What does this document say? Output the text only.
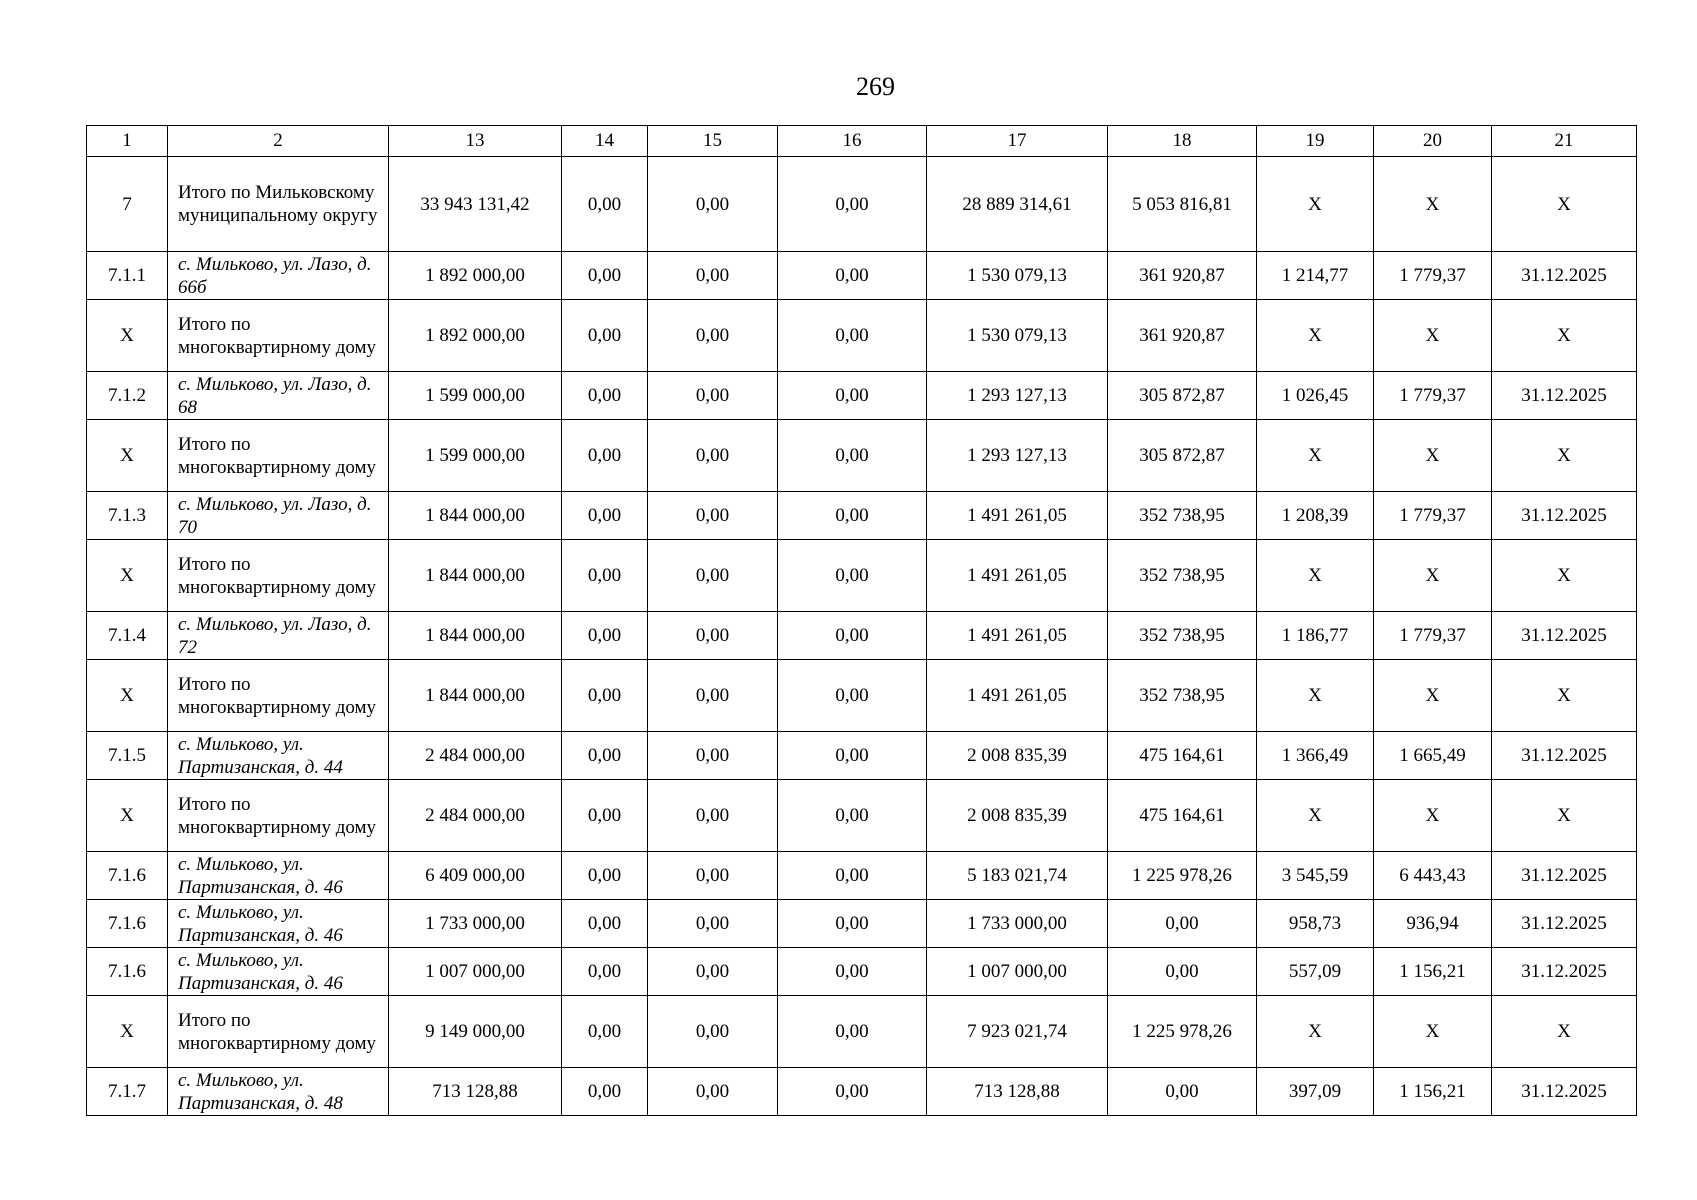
269
1	2	13	14	15	16	17	18	19	20	21
7	Итого по Мильковскому муниципальному округу	33 943 131,42	0,00	0,00	0,00	28 889 314,61	5 053 816,81	Х	Х	Х
7.1.1	с. Мильково, ул. Лазо, д. 66б	1 892 000,00	0,00	0,00	0,00	1 530 079,13	361 920,87	1 214,77	1 779,37	31.12.2025
Х	Итого по многоквартирному дому	1 892 000,00	0,00	0,00	0,00	1 530 079,13	361 920,87	Х	Х	Х
7.1.2	с. Мильково, ул. Лазо, д. 68	1 599 000,00	0,00	0,00	0,00	1 293 127,13	305 872,87	1 026,45	1 779,37	31.12.2025
Х	Итого по многоквартирному дому	1 599 000,00	0,00	0,00	0,00	1 293 127,13	305 872,87	Х	Х	Х
7.1.3	с. Мильково, ул. Лазо, д. 70	1 844 000,00	0,00	0,00	0,00	1 491 261,05	352 738,95	1 208,39	1 779,37	31.12.2025
Х	Итого по многоквартирному дому	1 844 000,00	0,00	0,00	0,00	1 491 261,05	352 738,95	Х	Х	Х
7.1.4	с. Мильково, ул. Лазо, д. 72	1 844 000,00	0,00	0,00	0,00	1 491 261,05	352 738,95	1 186,77	1 779,37	31.12.2025
Х	Итого по многоквартирному дому	1 844 000,00	0,00	0,00	0,00	1 491 261,05	352 738,95	Х	Х	Х
7.1.5	с. Мильково, ул. Партизанская, д. 44	2 484 000,00	0,00	0,00	0,00	2 008 835,39	475 164,61	1 366,49	1 665,49	31.12.2025
Х	Итого по многоквартирному дому	2 484 000,00	0,00	0,00	0,00	2 008 835,39	475 164,61	Х	Х	Х
7.1.6	с. Мильково, ул. Партизанская, д. 46	6 409 000,00	0,00	0,00	0,00	5 183 021,74	1 225 978,26	3 545,59	6 443,43	31.12.2025
7.1.6	с. Мильково, ул. Партизанская, д. 46	1 733 000,00	0,00	0,00	0,00	1 733 000,00	0,00	958,73	936,94	31.12.2025
7.1.6	с. Мильково, ул. Партизанская, д. 46	1 007 000,00	0,00	0,00	0,00	1 007 000,00	0,00	557,09	1 156,21	31.12.2025
Х	Итого по многоквартирному дому	9 149 000,00	0,00	0,00	0,00	7 923 021,74	1 225 978,26	Х	Х	Х
7.1.7	с. Мильково, ул. Партизанская, д. 48	713 128,88	0,00	0,00	0,00	713 128,88	0,00	397,09	1 156,21	31.12.2025
